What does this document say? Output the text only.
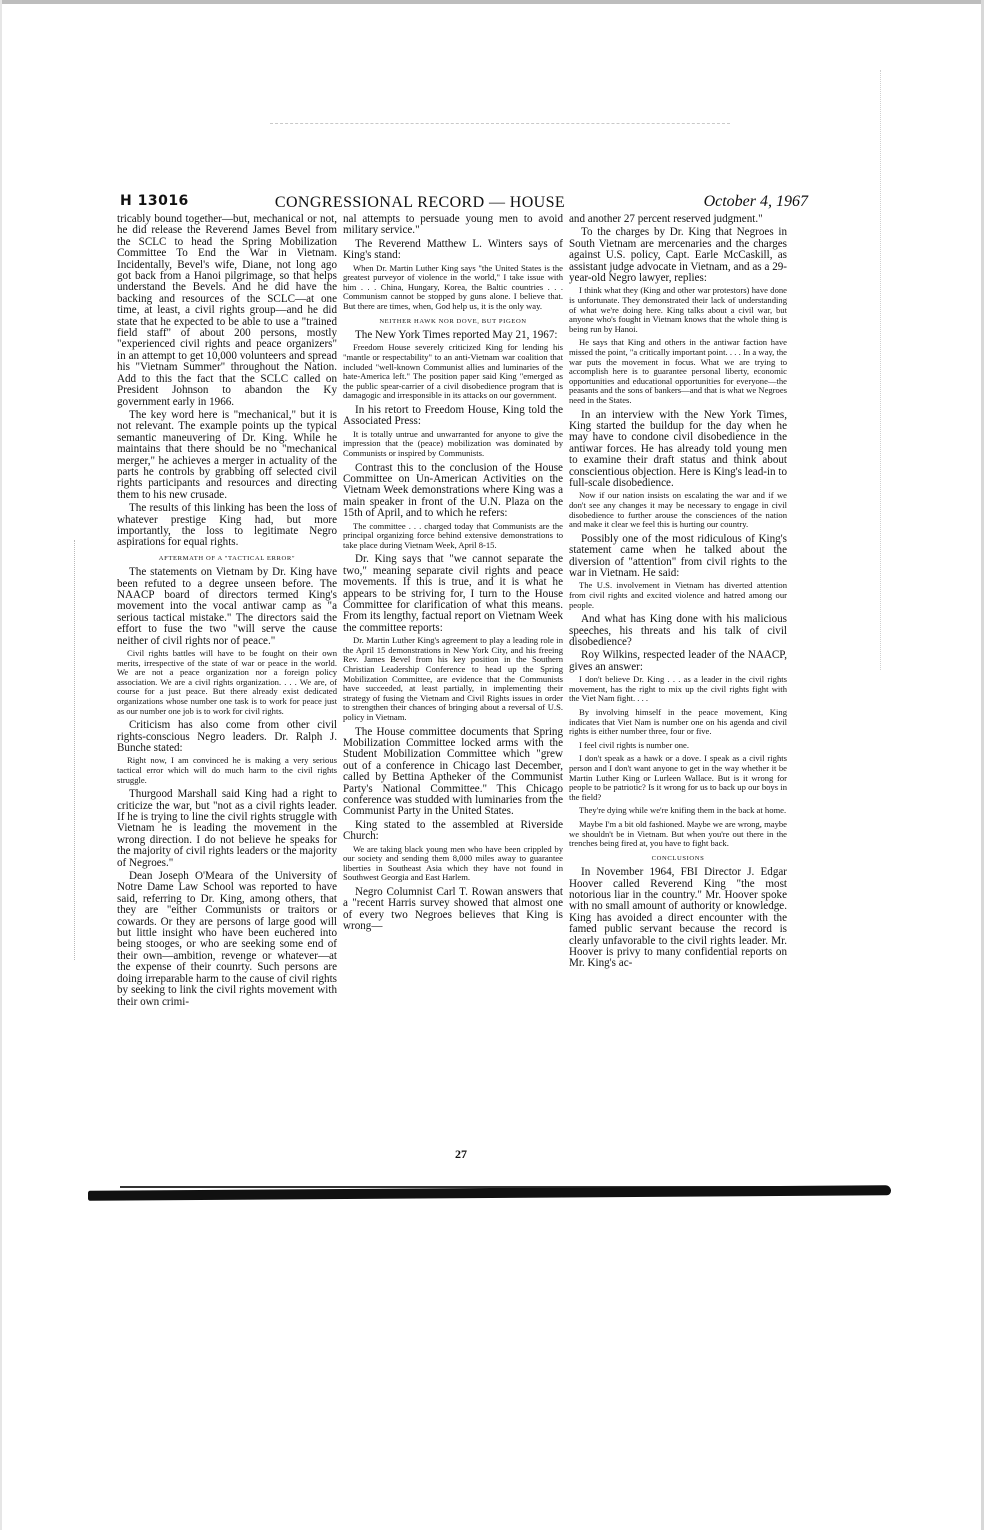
H 13016	CONGRESSIONAL RECORD — HOUSE	October 4, 1967

tricably bound together—but, mechanical or not, he did release the Reverend James Bevel from the SCLC to head the Spring Mobilization Committee To End the War in Vietnam. Incidentally, Bevel's wife, Diane, not long ago got back from a Hanoi pilgrimage, so that helps understand the Bevels. And he did have the backing and resources of the SCLC—at one time, at least, a civil rights group—and he did state that he expected to be able to use a "trained field staff" of about 200 persons, mostly "experienced civil rights and peace organizers" in an attempt to get 10,000 volunteers and spread his "Vietnam Summer" throughout the Nation. Add to this the fact that the SCLC called on President Johnson to abandon the Ky government early in 1966.

The key word here is "mechanical," but it is not relevant. The example points up the typical semantic maneuvering of Dr. King. While he maintains that there should be no "mechanical merger," he achieves a merger in actuality of the parts he controls by grabbing off selected civil rights participants and resources and directing them to his new crusade.

The results of this linking has been the loss of whatever prestige King had, but more importantly, the loss to legitimate Negro aspirations for equal rights.

AFTERMATH OF A "TACTICAL ERROR"

The statements on Vietnam by Dr. King have been refuted to a degree unseen before. The NAACP board of directors termed King's movement into the vocal antiwar camp as "a serious tactical mistake." The directors said the effort to fuse the two "will serve the cause neither of civil rights nor of peace."

Civil rights battles will have to be fought on their own merits, irrespective of the state of war or peace in the world. We are not a peace organization nor a foreign policy association. We are a civil rights organization. . . . We are, of course for a just peace. But there already exist dedicated organizations whose number one task is to work for peace just as our number one job is to work for civil rights.

Criticism has also come from other civil rights-conscious Negro leaders. Dr. Ralph J. Bunche stated:

Right now, I am convinced he is making a very serious tactical error which will do much harm to the civil rights struggle.

Thurgood Marshall said King had a right to criticize the war, but "not as a civil rights leader. If he is trying to line the civil rights struggle with Vietnam he is leading the movement in the wrong direction. I do not believe he speaks for the majority of civil rights leaders or the majority of Negroes."

Dean Joseph O'Meara of the University of Notre Dame Law School was reported to have said, referring to Dr. King, among others, that they are "either Communists or traitors or cowards. Or they are persons of large good will but little insight who have been euchered into being stooges, or who are seeking some end of their own—ambition, revenge or whatever—at the expense of their counrty. Such persons are doing irreparable harm to the cause of civil rights by seeking to link the civil rights movement with their own crimi-

nal attempts to persuade young men to avoid military service."

The Reverend Matthew L. Winters says of King's stand:

When Dr. Martin Luther King says "the United States is the greatest purveyor of violence in the world," I take issue with him . . . China, Hungary, Korea, the Baltic countries . . . Communism cannot be stopped by guns alone. I believe that. But there are times, when, God help us, it is the only way.

NEITHER HAWK NOR DOVE, BUT PIGEON

The New York Times reported May 21, 1967:

Freedom House severely criticized King for lending his "mantle or respectability" to an anti-Vietnam war coalition that included "well-known Communist allies and luminaries of the hate-America left." The position paper said King "emerged as the public spear-carrier of a civil disobedience program that is damagogic and irresponsible in its attacks on our government.

In his retort to Freedom House, King told the Associated Press:

It is totally untrue and unwarranted for anyone to give the impression that the (peace) mobilization was dominated by Communists or inspired by Communists.

Contrast this to the conclusion of the House Committee on Un-American Activities on the Vietnam Week demonstrations where King was a main speaker in front of the U.N. Plaza on the 15th of April, and to which he refers:

The committee . . . charged today that Communists are the principal organizing force behind extensive demonstrations to take place during Vietnam Week, April 8-15.

Dr. King says that "we cannot separate the two," meaning separate civil rights and peace movements. If this is true, and it is what he appears to be striving for, I turn to the House Committee for clarification of what this means. From its lengthy, factual report on Vietnam Week the committee reports:

Dr. Martin Luther King's agreement to play a leading role in the April 15 demonstrations in New York City, and his freeing Rev. James Bevel from his key position in the Southern Christian Leadership Conference to head up the Spring Mobilization Committee, are evidence that the Communists have succeeded, at least partially, in implementing their strategy of fusing the Vietnam and Civil Rights issues in order to strengthen their chances of bringing about a reversal of U.S. policy in Vietnam.

The House committee documents that Spring Mobilization Committee locked arms with the Student Mobilization Committee which "grew out of a conference in Chicago last December, called by Bettina Aptheker of the Communist Party's National Committee." This Chicago conference was studded with luminaries from the Communist Party in the United States.

King stated to the assembled at Riverside Church:

We are taking black young men who have been crippled by our society and sending them 8,000 miles away to guarantee liberties in Southeast Asia which they have not found in Southwest Georgia and East Harlem.

Negro Columnist Carl T. Rowan answers that a "recent Harris survey showed that almost one of every two Negroes believes that King is wrong—

and another 27 percent reserved judgment."

To the charges by Dr. King that Negroes in South Vietnam are mercenaries and the charges against U.S. policy, Capt. Earle McCaskill, as assistant judge advocate in Vietnam, and as a 29-year-old Negro lawyer, replies:

I think what they (King and other war protestors) have done is unfortunate. They demonstrated their lack of understanding of what we're doing here. King talks about a civil war, but anyone who's fought in Vietnam knows that the whole thing is being run by Hanoi.

He says that King and others in the antiwar faction have missed the point, "a critically important point. . . . In a way, the war puts the movement in focus. What we are trying to accomplish here is to guarantee personal liberty, economic opportunities and educational opportunities for everyone—the peasants and the sons of bankers—and that is what we Negroes need in the States.

In an interview with the New York Times, King started the buildup for the day when he may have to condone civil disobedience in the antiwar forces. He has already told young men to examine their draft status and think about conscientious objection. Here is King's lead-in to full-scale disobedience.

Now if our nation insists on escalating the war and if we don't see any changes it may be necessary to engage in civil disobedience to further arouse the consciences of the nation and make it clear we feel this is hurting our country.

Possibly one of the most ridiculous of King's statement came when he talked about the diversion of "attention" from civil rights to the war in Vietnam. He said:

The U.S. involvement in Vietnam has diverted attention from civil rights and excited violence and hatred among our people.

And what has King done with his malicious speeches, his threats and his talk of civil disobedience?

Roy Wilkins, respected leader of the NAACP, gives an answer:

I don't believe Dr. King . . . as a leader in the civil rights movement, has the right to mix up the civil rights fight with the Viet Nam fight. . . .

By involving himself in the peace movement, King indicates that Viet Nam is number one on his agenda and civil rights is either number three, four or five.

I feel civil rights is number one.

I don't speak as a hawk or a dove. I speak as a civil rights person and I don't want anyone to get in the way whether it be Martin Luther King or Lurleen Wallace. But is it wrong for people to be patriotic? Is it wrong for us to back up our boys in the field?

They're dying while we're knifing them in the back at home.

Maybe I'm a bit old fashioned. Maybe we are wrong, maybe we shouldn't be in Vietnam. But when you're out there in the trenches being fired at, you have to fight back.

CONCLUSIONS

In November 1964, FBI Director J. Edgar Hoover called Reverend King "the most notorious liar in the country." Mr. Hoover spoke with no small amount of authority or knowledge. King has avoided a direct encounter with the famed public servant because the record is clearly unfavorable to the civil rights leader. Mr. Hoover is privy to many confidential reports on Mr. King's ac-

27
